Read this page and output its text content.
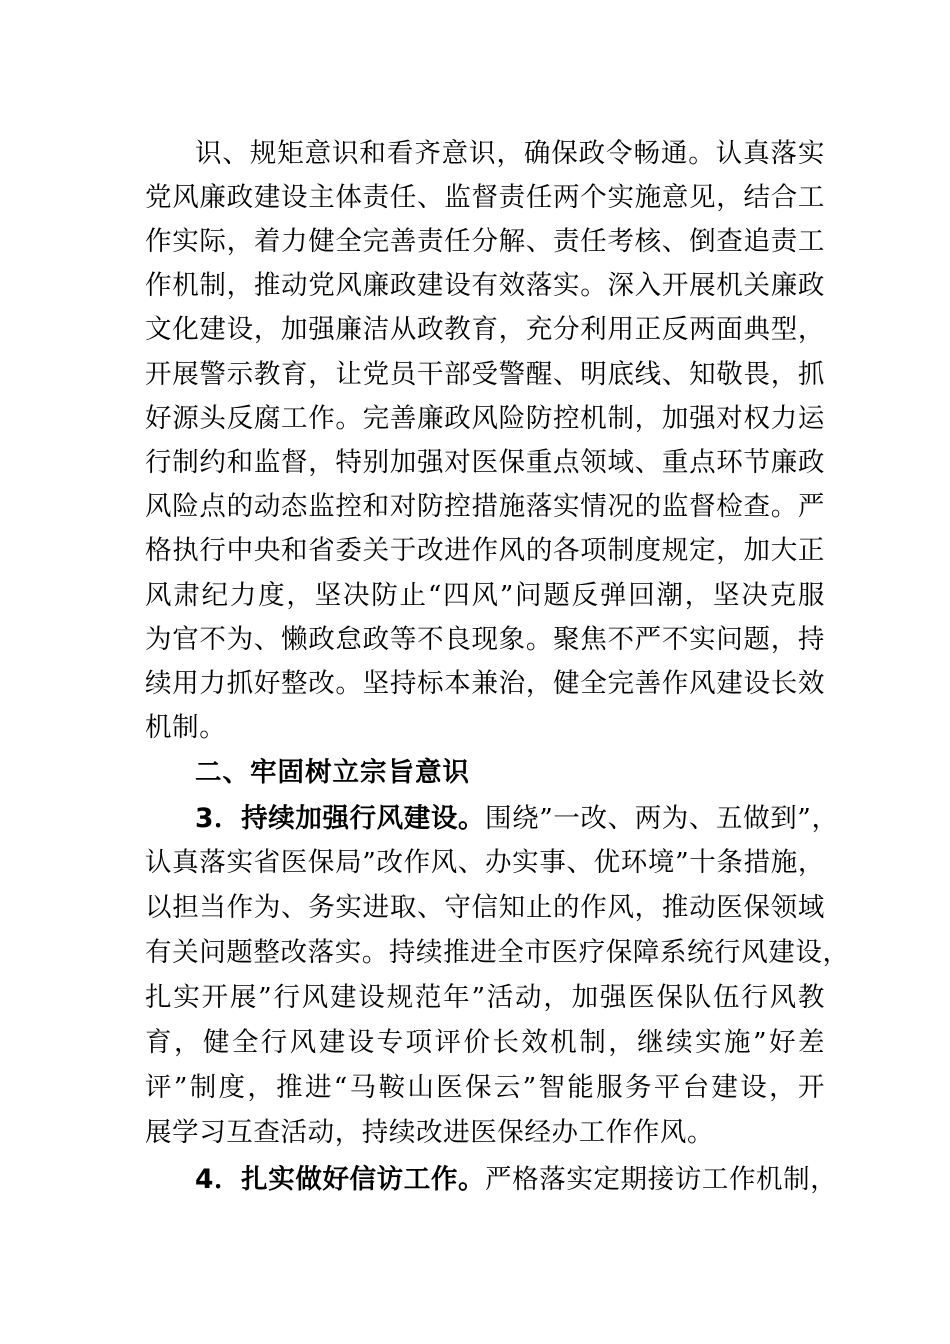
识、规矩意识和看齐意识，确保政令畅通。认真落实
党风廉政建设主体责任、监督责任两个实施意见，结合工
作实际，着力健全完善责任分解、责任考核、倒查追责工
作机制，推动党风廉政建设有效落实。深入开展机关廉政
文化建设，加强廉洁从政教育，充分利用正反两面典型，
开展警示教育，让党员干部受警醒、明底线、知敬畏，抓
好源头反腐工作。完善廉政风险防控机制，加强对权力运
行制约和监督，特别加强对医保重点领域、重点环节廉政
风险点的动态监控和对防控措施落实情况的监督检查。严
格执行中央和省委关于改进作风的各项制度规定，加大正
风肃纪力度，坚决防止“四风”问题反弹回潮，坚决克服
为官不为、懒政怠政等不良现象。聚焦不严不实问题，持
续用力抓好整改。坚持标本兼治，健全完善作风建设长效
机制。
二、牢固树立宗旨意识
3．持续加强行风建设。围绕”一改、两为、五做到”，
认真落实省医保局”改作风、办实事、优环境”十条措施，
以担当作为、务实进取、守信知止的作风，推动医保领域
有关问题整改落实。持续推进全市医疗保障系统行风建设，
扎实开展”行风建设规范年”活动，加强医保队伍行风教
育，健全行风建设专项评价长效机制，继续实施”好差
评”制度，推进“马鞍山医保云”智能服务平台建设，开
展学习互查活动，持续改进医保经办工作作风。
4．扎实做好信访工作。严格落实定期接访工作机制，
